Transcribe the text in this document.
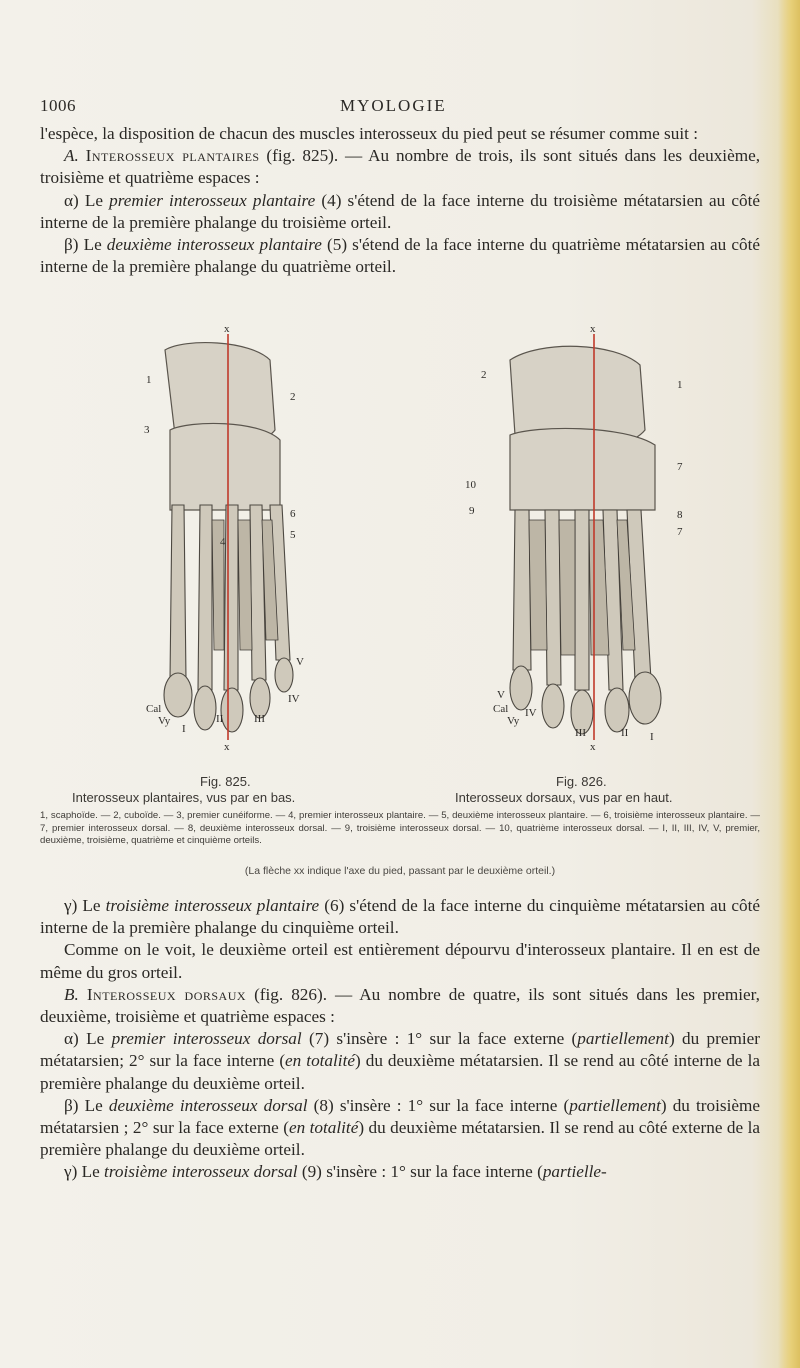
1006	MYOLOGIE

l'espèce, la disposition de chacun des muscles interosseux du pied peut se résumer comme suit :

A. Interosseux plantaires (fig. 825). — Au nombre de trois, ils sont situés dans les deuxième, troisième et quatrième espaces :

α) Le premier interosseux plantaire (4) s'étend de la face interne du troisième métatarsien au côté interne de la première phalange du troisième orteil.

β) Le deuxième interosseux plantaire (5) s'étend de la face interne du quatrième métatarsien au côté interne de la première phalange du quatrième orteil.

x
x
1
2
3
4
5
6
I
II	III
IV
V
Cal
Vy
x
x
2
1
7
8
7
9
10
I
II
III
IV
V
Cal
Vy
Fig. 825.
Interosseux plantaires, vus par en bas.
Fig. 826.
Interosseux dorsaux, vus par en haut.
1, scaphoïde. — 2, cuboïde. — 3, premier cunéiforme. — 4, premier interosseux plantaire. — 5, deuxième interosseux plantaire. — 6, troisième interosseux plantaire. — 7, premier interosseux dorsal. — 8, deuxième interosseux dorsal. — 9, troisième interosseux dorsal. — 10, quatrième interosseux dorsal. — I, II, III, IV, V, premier, deuxième, troisième, quatrième et cinquième orteils.
(La flèche xx indique l'axe du pied, passant par le deuxième orteil.)

γ) Le troisième interosseux plantaire (6) s'étend de la face interne du cinquième métatarsien au côté interne de la première phalange du cinquième orteil.

Comme on le voit, le deuxième orteil est entièrement dépourvu d'interosseux plantaire. Il en est de même du gros orteil.

B. Interosseux dorsaux (fig. 826). — Au nombre de quatre, ils sont situés dans les premier, deuxième, troisième et quatrième espaces :

α) Le premier interosseux dorsal (7) s'insère : 1° sur la face externe (partiellement) du premier métatarsien; 2° sur la face interne (en totalité) du deuxième métatarsien. Il se rend au côté interne de la première phalange du deuxième orteil.

β) Le deuxième interosseux dorsal (8) s'insère : 1° sur la face interne (partiellement) du troisième métatarsien ; 2° sur la face externe (en totalité) du deuxième métatarsien. Il se rend au côté externe de la première phalange du deuxième orteil.

γ) Le troisième interosseux dorsal (9) s'insère : 1° sur la face interne (partielle-
